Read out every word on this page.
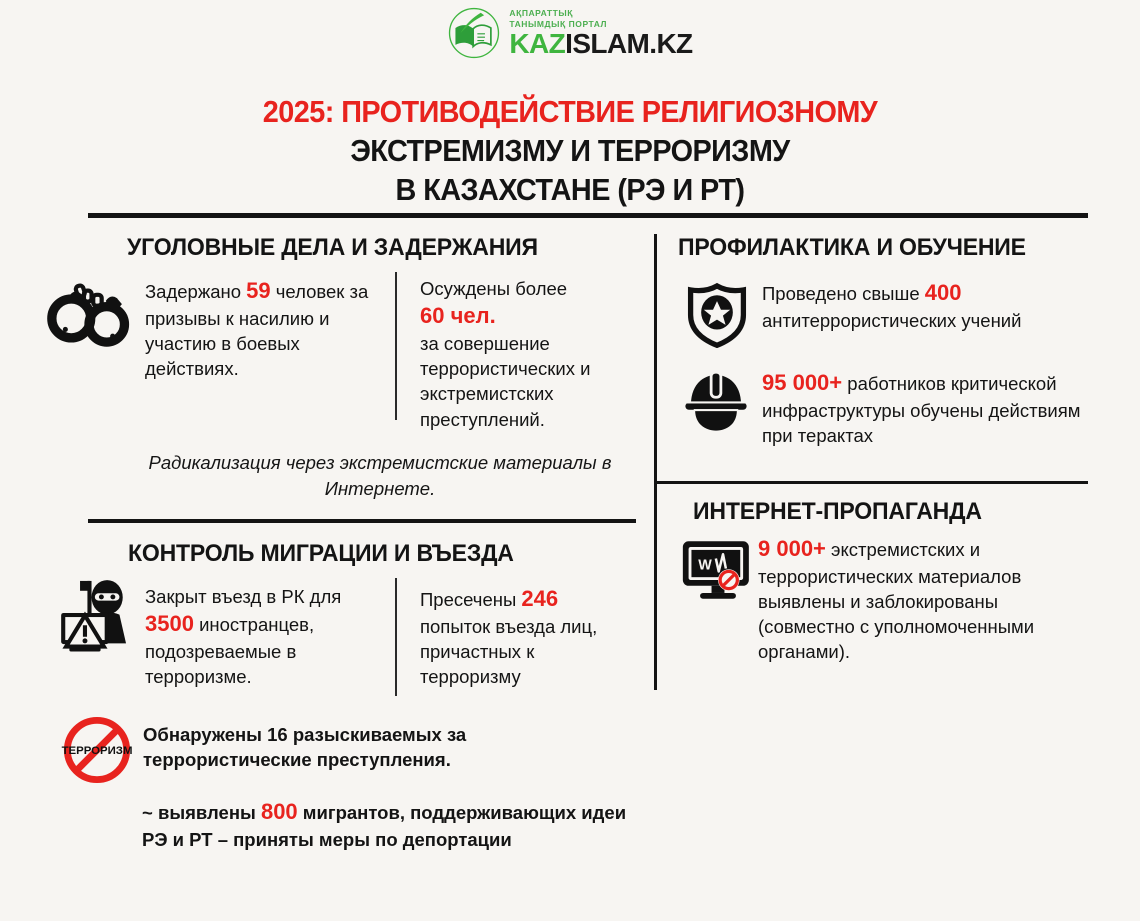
АҚПАРАТТЫҚ
ТАНЫМДЫҚ ПОРТАЛ
KAZISLAM.KZ
2025: ПРОТИВОДЕЙСТВИЕ РЕЛИГИОЗНОМУ
ЭКСТРЕМИЗМУ И ТЕРРОРИЗМУ
В КАЗАХСТАНЕ (РЭ И РТ)
УГОЛОВНЫЕ ДЕЛА И ЗАДЕРЖАНИЯ
Задержано 59 человек за призывы к насилию и участию в боевых действиях.
Осуждены более
60 чел.
за совершение террористических и экстремистских преступлений.
Радикализация через экстремистские материалы в Интернете.
КОНТРОЛЬ МИГРАЦИИ И ВЪЕЗДА
Закрыт въезд в РК для 3500 иностранцев, подозреваемые в терроризме.
Пресечены 246 попыток въезда лиц, причастных к терроризму
ТЕРРОРИЗМ
Обнаружены 16 разыскиваемых за террористические преступления.
~ выявлены 800 мигрантов, поддерживающих идеи РЭ и РТ – приняты меры по депортации
ПРОФИЛАКТИКА И ОБУЧЕНИЕ
Проведено свыше 400 антитеррористических учений
95 000+ работников критической инфраструктуры обучены действиям при терактах
ИНТЕРНЕТ-ПРОПАГАНДА
W
9 000+ экстремистских и террористических материалов выявлены и заблокированы (совместно с уполномоченными органами).
